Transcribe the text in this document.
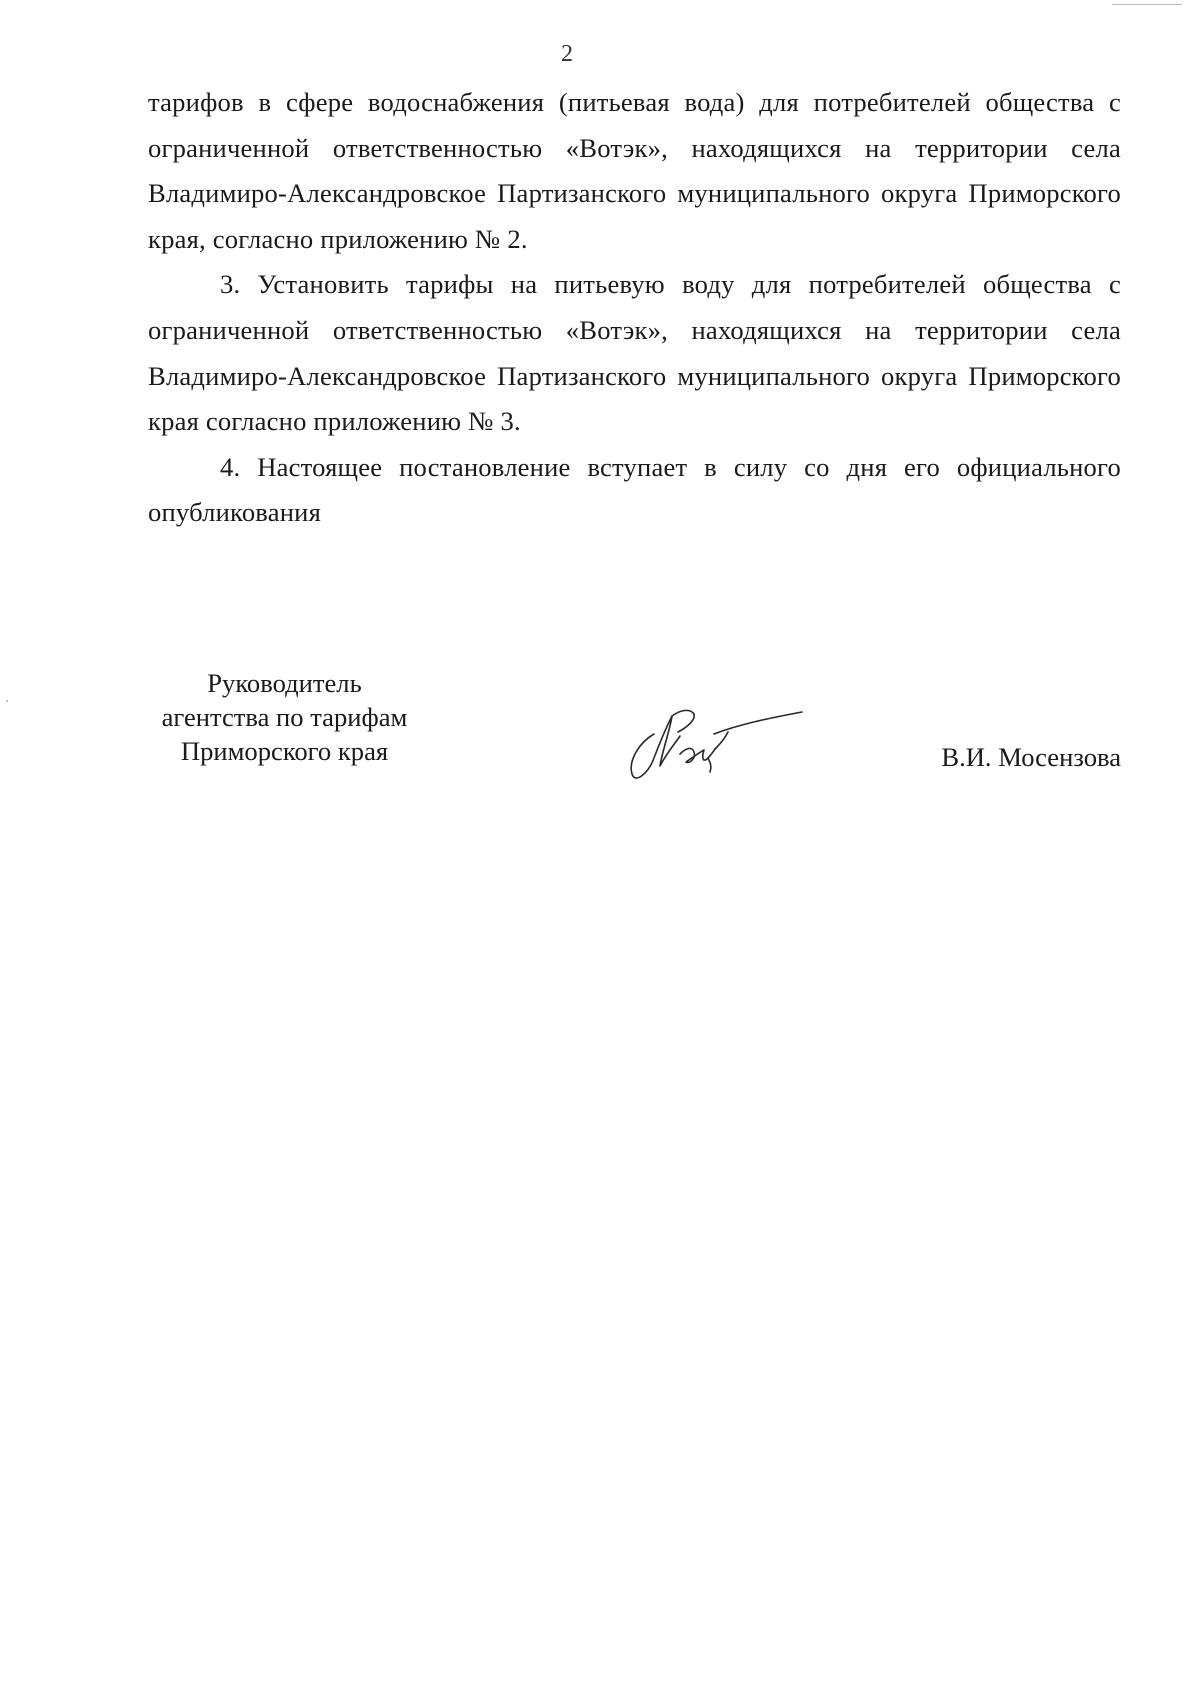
2

тарифов в сфере водоснабжения (питьевая вода) для потребителей общества с ограниченной ответственностью «Вотэк», находящихся на территории села Владимиро-Александровское Партизанского муниципального округа Приморского края, согласно приложению № 2.

3. Установить тарифы на питьевую воду для потребителей общества с ограниченной ответственностью «Вотэк», находящихся на территории села Владимиро-Александровское Партизанского муниципального округа Приморского края согласно приложению № 3.

4. Настоящее постановление вступает в силу со дня его официального опубликования

Руководитель
агентства по тарифам
Приморского края	В.И. Мосензова
